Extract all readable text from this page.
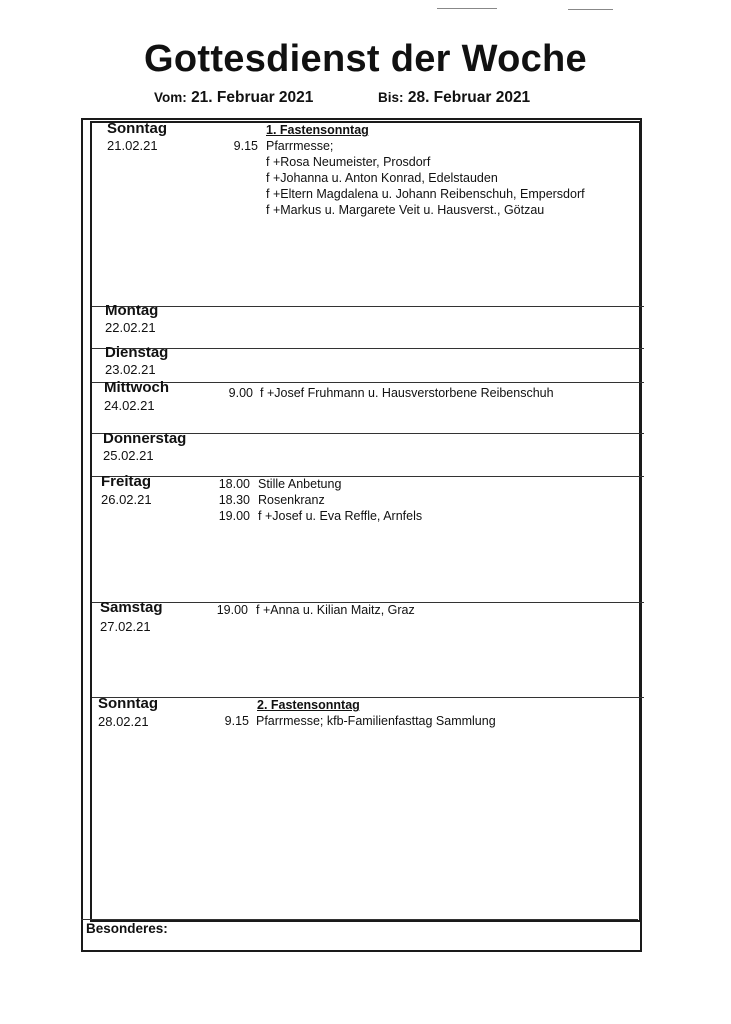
Gottesdienst der Woche
Vom: 21. Februar 2021	Bis: 28. Februar 2021
Sonntag
21.02.21
1. Fastensonntag
9.15 Pfarrmesse;
f +Rosa Neumeister, Prosdorf
f +Johanna u. Anton Konrad, Edelstauden
f +Eltern Magdalena u. Johann Reibenschuh, Empersdorf
f +Markus u. Margarete Veit u. Hausverst., Götzau
Montag
22.02.21
Dienstag
23.02.21
Mittwoch
24.02.21
9.00 f +Josef Fruhmann u. Hausverstorbene Reibenschuh
Donnerstag
25.02.21
Freitag
26.02.21
18.00 Stille Anbetung
18.30 Rosenkranz
19.00 f +Josef u. Eva Reffle, Arnfels
Samstag
27.02.21
19.00 f +Anna u. Kilian Maitz, Graz
Sonntag
28.02.21
2. Fastensonntag
9.15 Pfarrmesse; kfb-Familienfasttag Sammlung
Besonderes:
